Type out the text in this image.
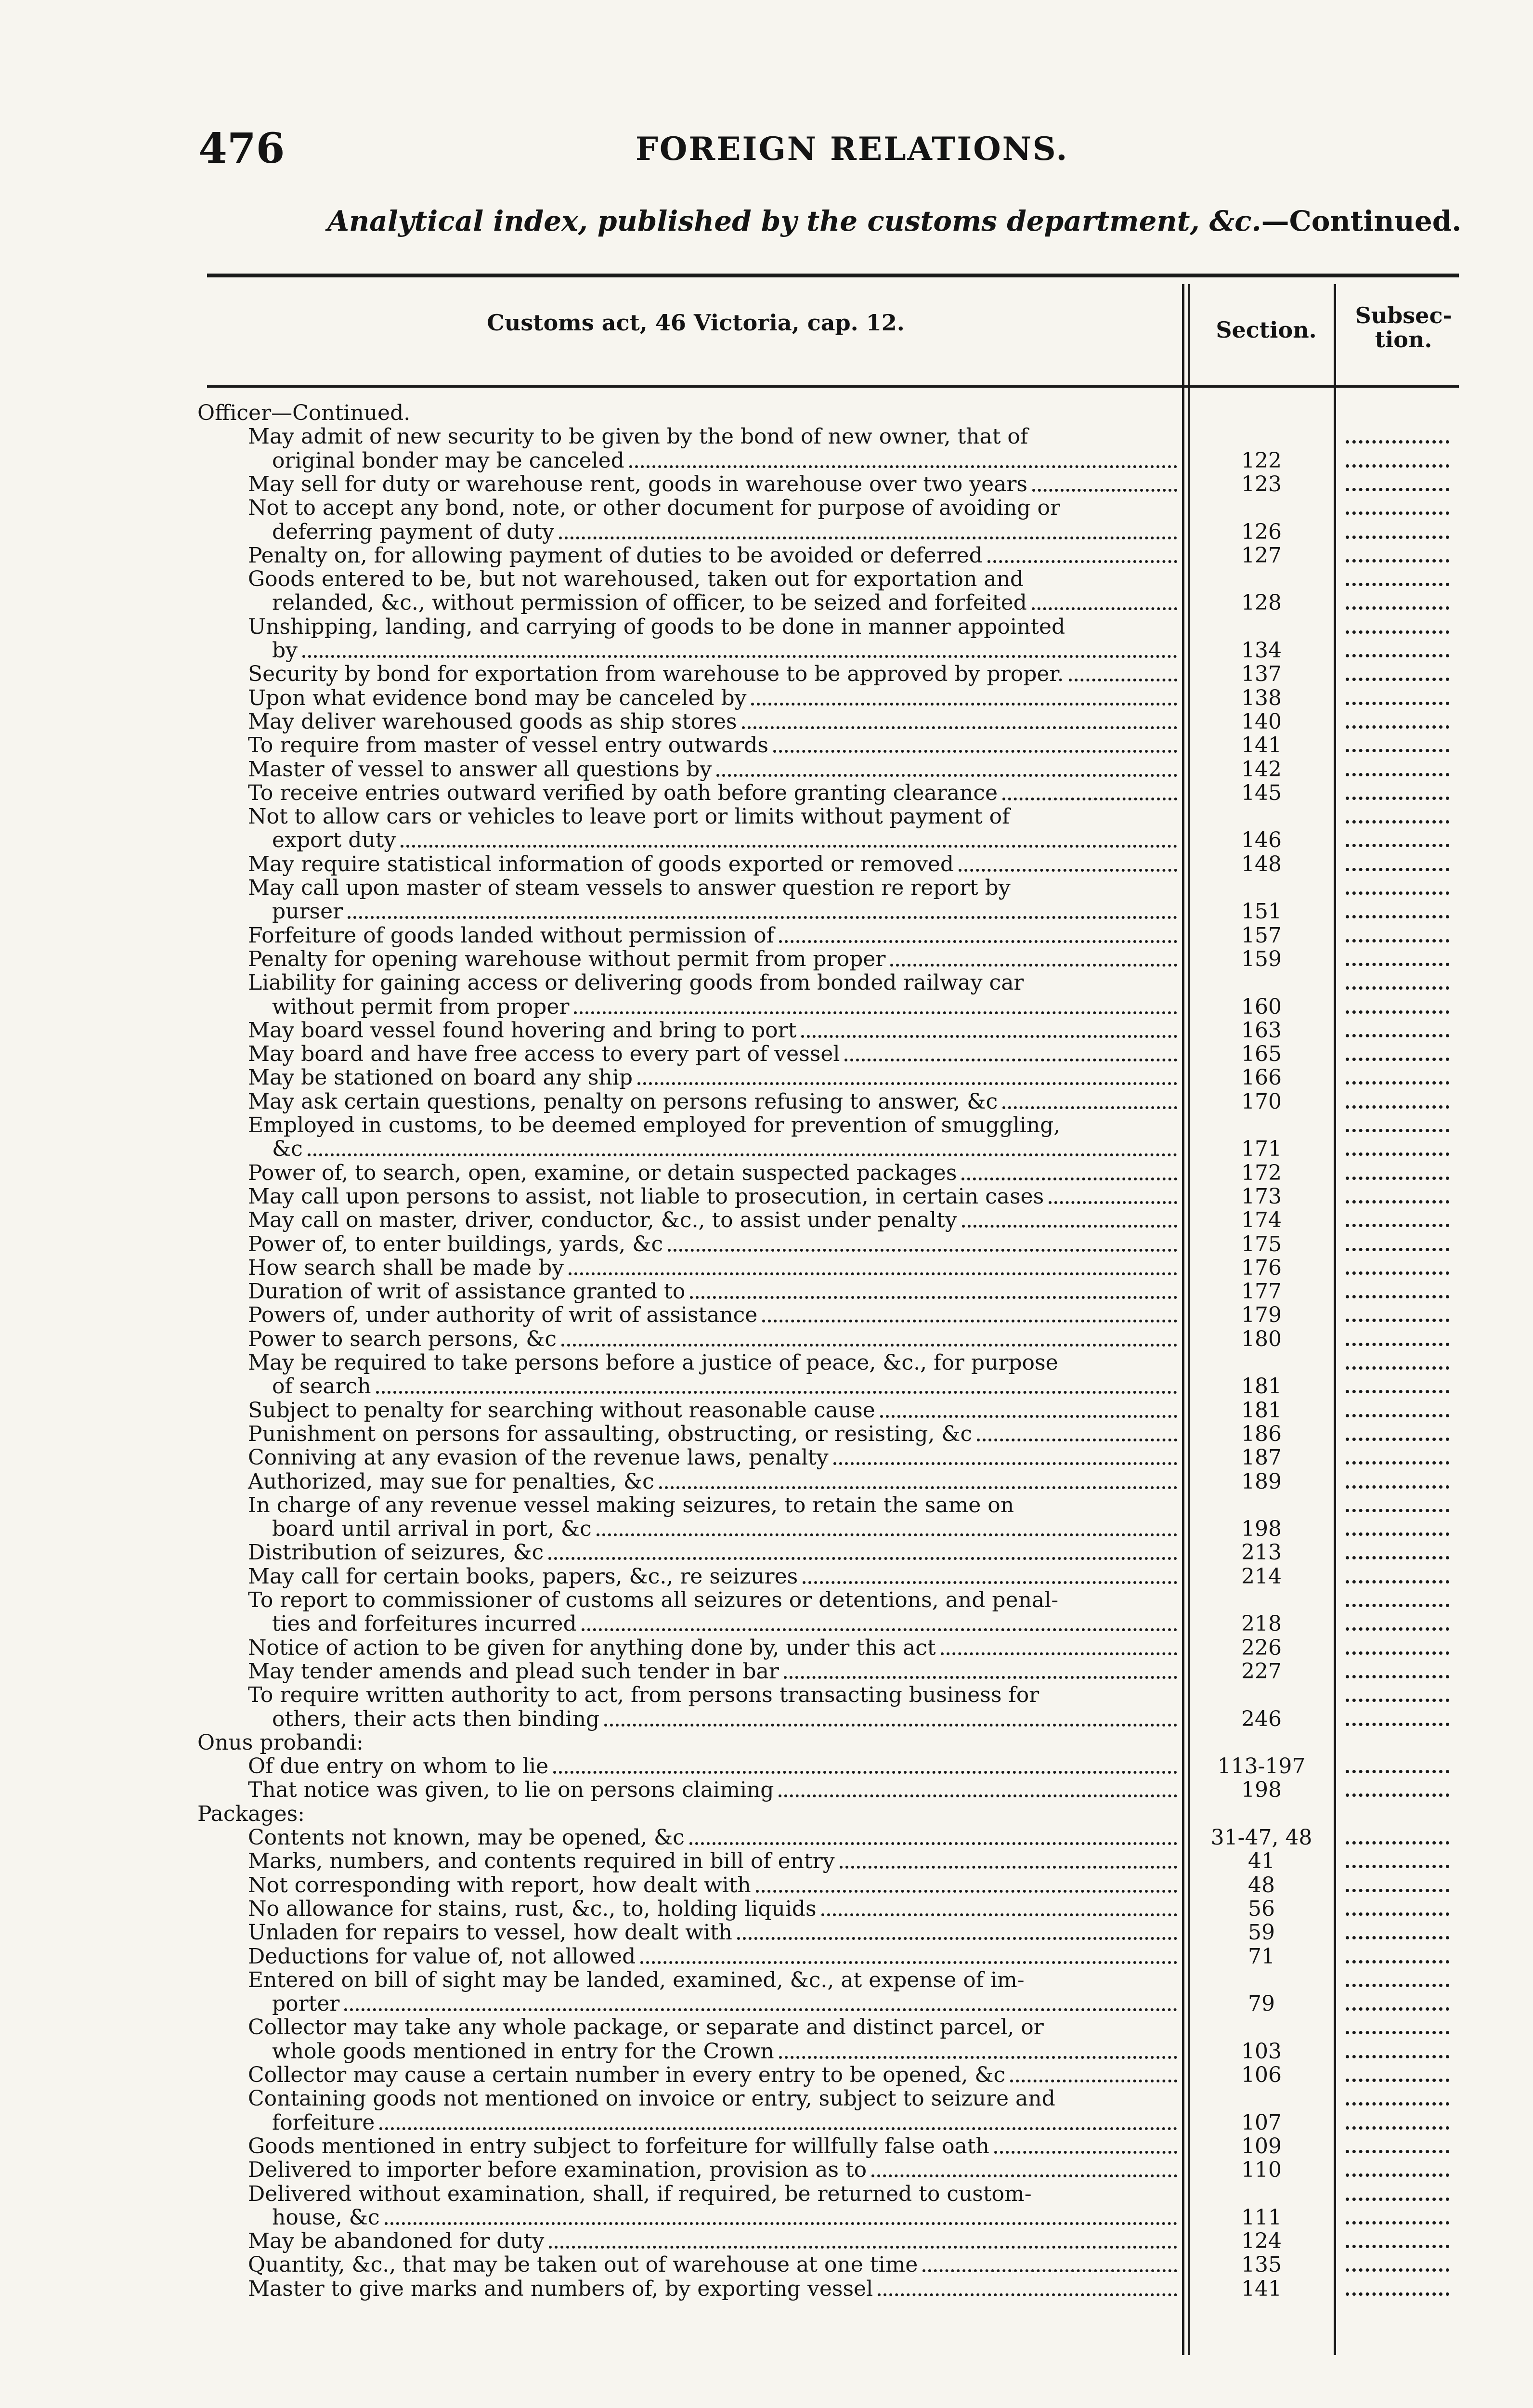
476	FOREIGN RELATIONS.
Analytical index, published by the customs department, &c.—Continued.
Customs act, 46 Victoria, cap. 12.	Section.
Subsec-
tion.
Officer—Continued.
May admit of new security to be given by the bond of new owner, that of
original bonder may be canceled	122
May sell for duty or warehouse rent, goods in warehouse over two years	123
Not to accept any bond, note, or other document for purpose of avoiding or
deferring payment of duty	126
Penalty on, for allowing payment of duties to be avoided or deferred	127
Goods entered to be, but not warehoused, taken out for exportation and
relanded, &c., without permission of officer, to be seized and forfeited	128
Unshipping, landing, and carrying of goods to be done in manner appointed
by	134
Security by bond for exportation from warehouse to be approved by proper.	137
Upon what evidence bond may be canceled by	138
May deliver warehoused goods as ship stores	140
To require from master of vessel entry outwards	141
Master of vessel to answer all questions by	142
To receive entries outward verified by oath before granting clearance	145
Not to allow cars or vehicles to leave port or limits without payment of
export duty	146
May require statistical information of goods exported or removed	148
May call upon master of steam vessels to answer question re report by
purser	151
Forfeiture of goods landed without permission of	157
Penalty for opening warehouse without permit from proper	159
Liability for gaining access or delivering goods from bonded railway car
without permit from proper	160
May board vessel found hovering and bring to port	163
May board and have free access to every part of vessel	165
May be stationed on board any ship	166
May ask certain questions, penalty on persons refusing to answer, &c	170
Employed in customs, to be deemed employed for prevention of smuggling,
&c	171
Power of, to search, open, examine, or detain suspected packages	172
May call upon persons to assist, not liable to prosecution, in certain cases	173
May call on master, driver, conductor, &c., to assist under penalty	174
Power of, to enter buildings, yards, &c	175
How search shall be made by	176
Duration of writ of assistance granted to	177
Powers of, under authority of writ of assistance	179
Power to search persons, &c	180
May be required to take persons before a justice of peace, &c., for purpose
of search	181
Subject to penalty for searching without reasonable cause	181
Punishment on persons for assaulting, obstructing, or resisting, &c	186
Conniving at any evasion of the revenue laws, penalty	187
Authorized, may sue for penalties, &c	189
In charge of any revenue vessel making seizures, to retain the same on
board until arrival in port, &c	198
Distribution of seizures, &c	213
May call for certain books, papers, &c., re seizures	214
To report to commissioner of customs all seizures or detentions, and penal-
ties and forfeitures incurred	218
Notice of action to be given for anything done by, under this act	226
May tender amends and plead such tender in bar	227
To require written authority to act, from persons transacting business for
others, their acts then binding	246
Onus probandi:
Of due entry on whom to lie	113-197
That notice was given, to lie on persons claiming	198
Packages:
Contents not known, may be opened, &c	31-47, 48
Marks, numbers, and contents required in bill of entry	41
Not corresponding with report, how dealt with	48
No allowance for stains, rust, &c., to, holding liquids	56
Unladen for repairs to vessel, how dealt with	59
Deductions for value of, not allowed	71
Entered on bill of sight may be landed, examined, &c., at expense of im-
porter	79
Collector may take any whole package, or separate and distinct parcel, or
whole goods mentioned in entry for the Crown	103
Collector may cause a certain number in every entry to be opened, &c	106
Containing goods not mentioned on invoice or entry, subject to seizure and
forfeiture	107
Goods mentioned in entry subject to forfeiture for willfully false oath	109
Delivered to importer before examination, provision as to	110
Delivered without examination, shall, if required, be returned to custom-
house, &c	111
May be abandoned for duty	124
Quantity, &c., that may be taken out of warehouse at one time	135
Master to give marks and numbers of, by exporting vessel	141
